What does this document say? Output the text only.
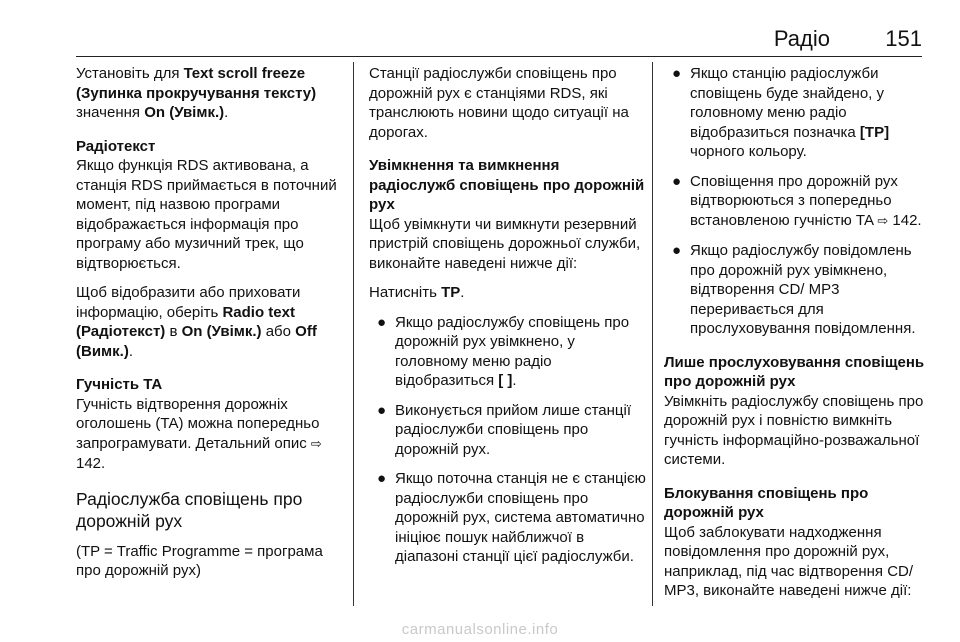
Радіо	151

Установіть для Text scroll freeze (Зупинка прокручування тексту) значення On (Увімк.).

Радіотекст

Якщо функція RDS активована, а станція RDS приймається в поточний момент, під назвою програми відображається інформація про програму або музичний трек, що відтворюється.

Щоб відобразити або приховати інформацію, оберіть Radio text (Радіотекст) в On (Увімк.) або Off (Вимк.).

Гучність TA

Гучність відтворення дорожніх оголошень (TA) можна попередньо запрограмувати. Детальний опис ⇨ 142.

Радіослужба сповіщень про дорожній рух

(TP = Traffic Programme = програма про дорожній рух)

Станції радіослужби сповіщень про дорожній рух є станціями RDS, які транслюють новини щодо ситуації на дорогах.

Увімкнення та вимкнення радіослужб сповіщень про дорожній рух

Щоб увімкнути чи вимкнути резервний пристрій сповіщень дорожньої служби, виконайте наведені нижче дії:

Натисніть TP.

● Якщо радіослужбу сповіщень про дорожній рух увімкнено, у головному меню радіо відобразиться [ ].
● Виконується прийом лише станції радіослужби сповіщень про дорожній рух.
● Якщо поточна станція не є станцією радіослужби сповіщень про дорожній рух, система автоматично ініціює пошук найближчої в діапазоні станції цієї радіослужби.
● Якщо станцію радіослужби сповіщень буде знайдено, у головному меню радіо відобразиться позначка [TP] чорного кольору.
● Сповіщення про дорожній рух відтворюються з попередньо встановленою гучністю TA ⇨ 142.
● Якщо радіослужбу повідомлень про дорожній рух увімкнено, відтворення CD/ MP3 переривається для прослуховування повідомлення.
Лише прослуховування сповіщень про дорожній рух

Увімкніть радіослужбу сповіщень про дорожній рух і повністю вимкніть гучність інформаційно-розважальної системи.

Блокування сповіщень про дорожній рух

Щоб заблокувати надходження повідомлення про дорожній рух, наприклад, під час відтворення CD/ MP3, виконайте наведені нижче дії:

carmanualsonline.info
